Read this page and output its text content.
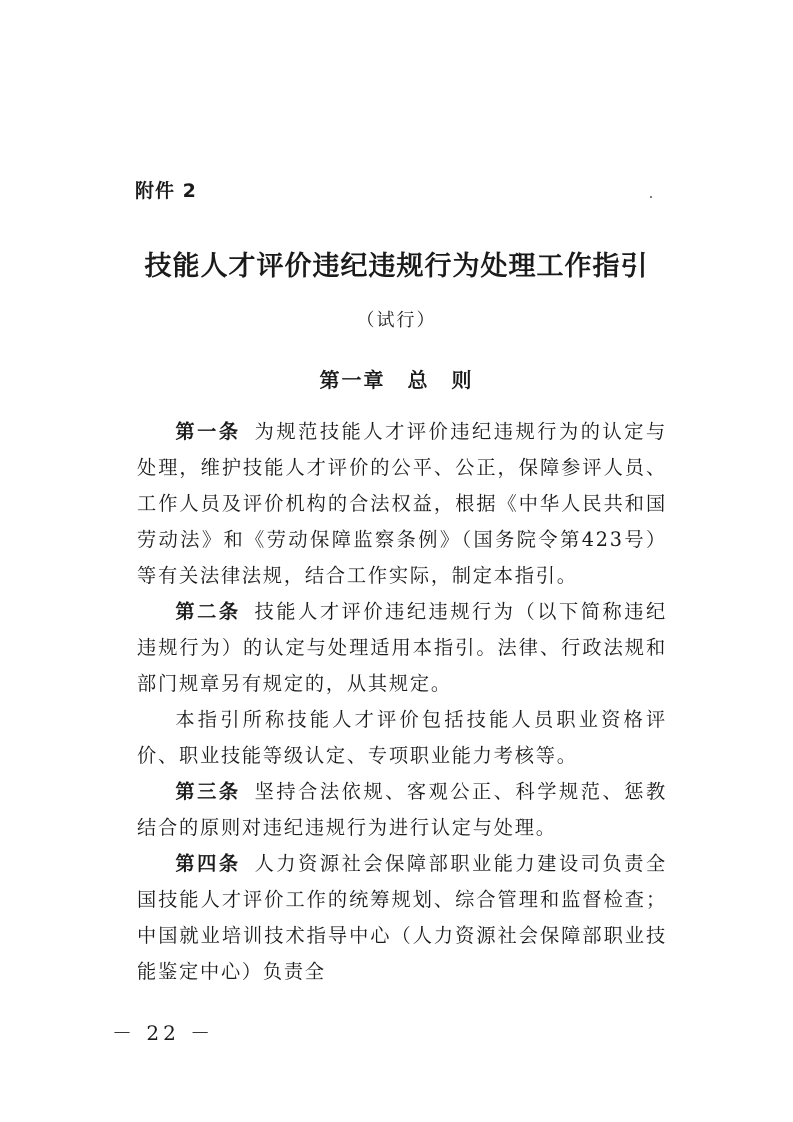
附件 2
技能人才评价违纪违规行为处理工作指引
（试行）
第一章　总　则

第一条 为规范技能人才评价违纪违规行为的认定与处理，维护技能人才评价的公平、公正，保障参评人员、工作人员及评价机构的合法权益，根据《中华人民共和国劳动法》和《劳动保障监察条例》（国务院令第423号）等有关法律法规，结合工作实际，制定本指引。

第二条 技能人才评价违纪违规行为（以下简称违纪违规行为）的认定与处理适用本指引。法律、行政法规和部门规章另有规定的，从其规定。

本指引所称技能人才评价包括技能人员职业资格评价、职业技能等级认定、专项职业能力考核等。

第三条 坚持合法依规、客观公正、科学规范、惩教结合的原则对违纪违规行为进行认定与处理。

第四条 人力资源社会保障部职业能力建设司负责全国技能人才评价工作的统筹规划、综合管理和监督检查；中国就业培训技术指导中心（人力资源社会保障部职业技能鉴定中心）负责全

－ 22 －
